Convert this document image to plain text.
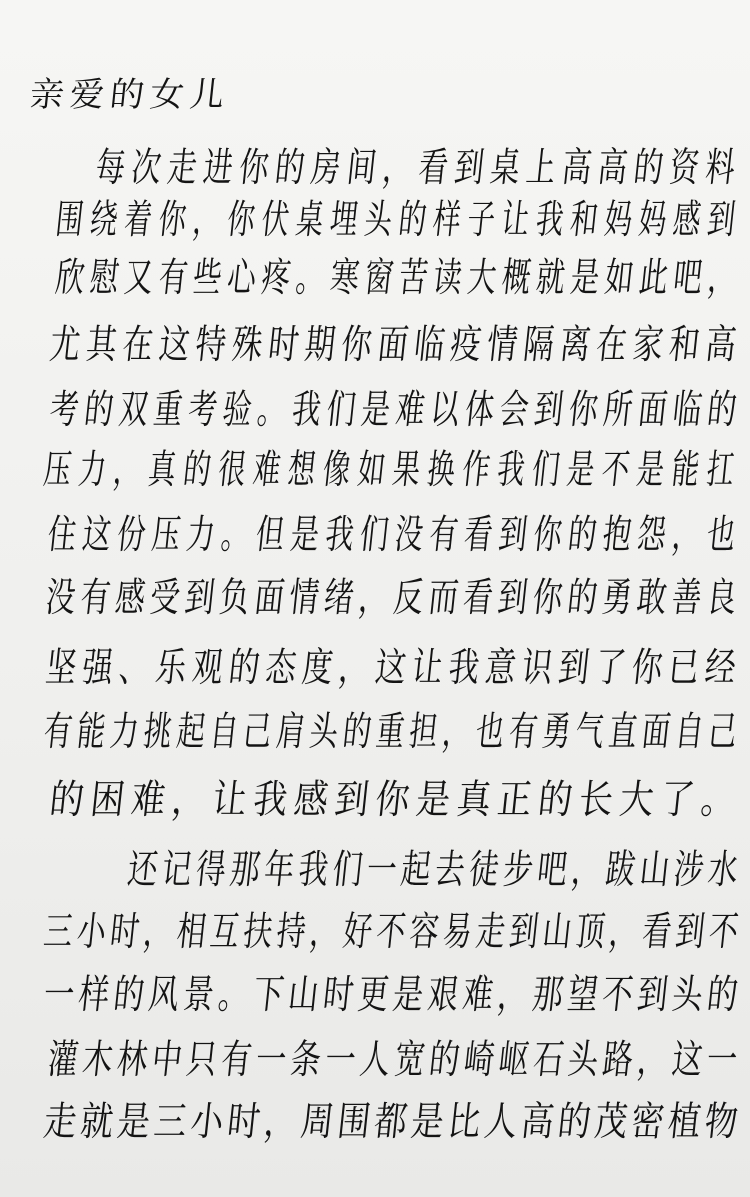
亲爱的女儿
每次走进你的房间，看到桌上高高的资料
围绕着你，你伏桌埋头的样子让我和妈妈感到
欣慰又有些心疼。寒窗苦读大概就是如此吧，
尤其在这特殊时期你面临疫情隔离在家和高
考的双重考验。我们是难以体会到你所面临的
压力，真的很难想像如果换作我们是不是能扛
住这份压力。但是我们没有看到你的抱怨，也
没有感受到负面情绪，反而看到你的勇敢善良
坚强、乐观的态度，这让我意识到了你已经
有能力挑起自己肩头的重担，也有勇气直面自己
的困难，让我感到你是真正的长大了。
还记得那年我们一起去徒步吧，跋山涉水
三小时，相互扶持，好不容易走到山顶，看到不
一样的风景。下山时更是艰难，那望不到头的
灌木林中只有一条一人宽的崎岖石头路，这一
走就是三小时，周围都是比人高的茂密植物
